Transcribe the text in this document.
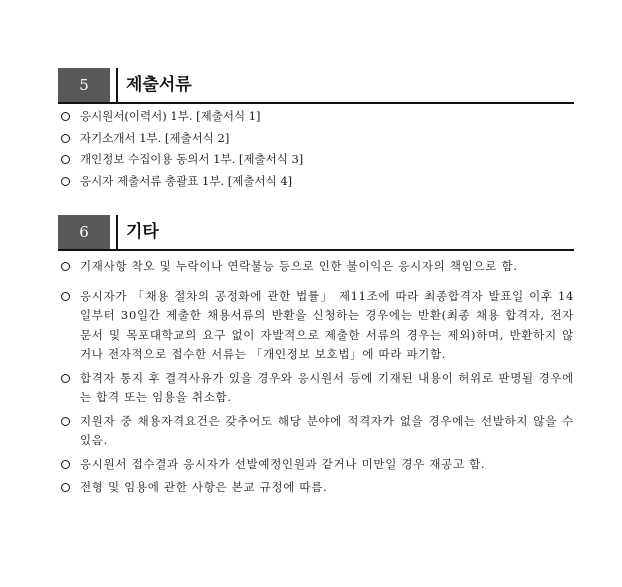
5	제출서류
응시원서(이력서) 1부. [제출서식 1]
자기소개서 1부. [제출서식 2]
개인정보 수집이용 동의서 1부. [제출서식 3]
응시자 제출서류 총괄표 1부. [제출서식 4]
6	기타
기재사항 착오 및 누락이나 연락불능 등으로 인한 불이익은 응시자의 책임으로 함.
응시자가 「채용 절차의 공정화에 관한 법률」 제11조에 따라 최종합격자 발표일 이후 14일부터 30일간 제출한 채용서류의 반환을 신청하는 경우에는 반환(최종 채용 합격자, 전자문서 및 목포대학교의 요구 없이 자발적으로 제출한 서류의 경우는 제외)하며, 반환하지 않거나 전자적으로 접수한 서류는 「개인정보 보호법」에 따라 파기함.
합격자 통지 후 결격사유가 있을 경우와 응시원서 등에 기재된 내용이 허위로 판명될 경우에는 합격 또는 임용을 취소함.
지원자 중 채용자격요건은 갖추어도 해당 분야에 적격자가 없을 경우에는 선발하지 않을 수 있음.
응시원서 접수결과 응시자가 선발예정인원과 같거나 미만일 경우 재공고 함.
전형 및 임용에 관한 사항은 본교 규정에 따름.
